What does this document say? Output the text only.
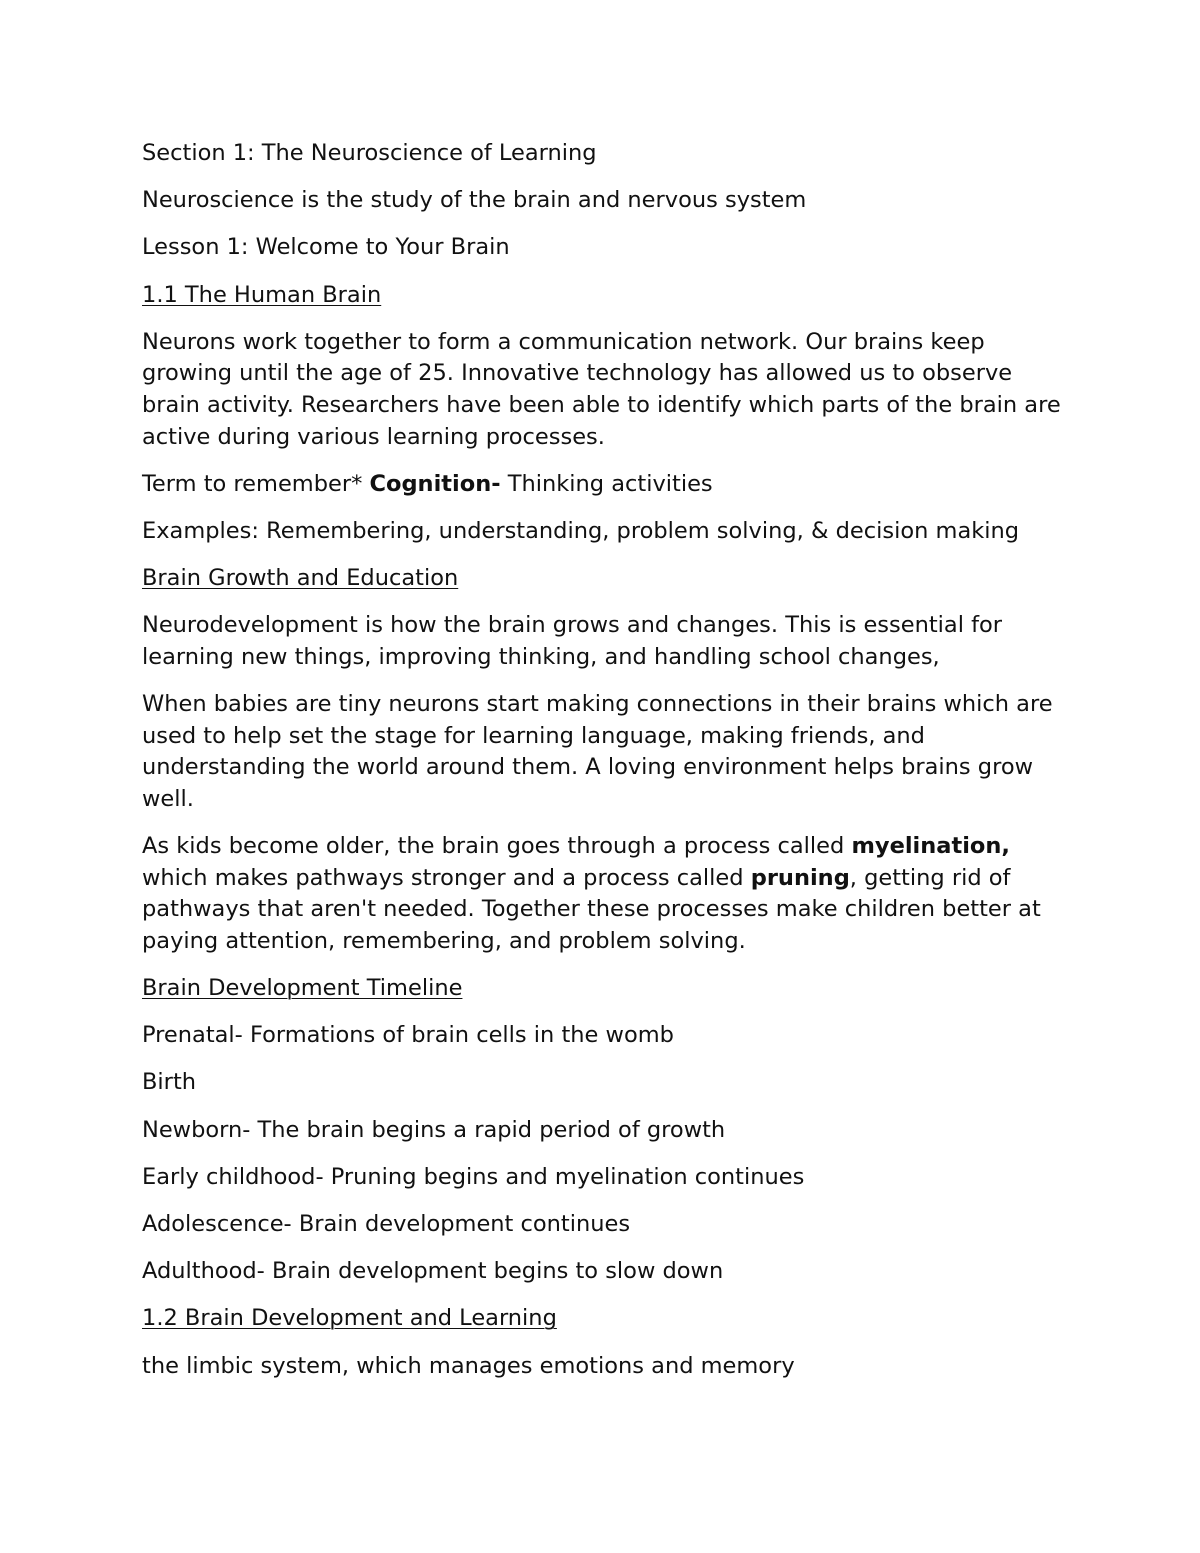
Section 1: The Neuroscience of Learning

Neuroscience is the study of the brain and nervous system

Lesson 1: Welcome to Your Brain

1.1 The Human Brain

Neurons work together to form a communication network. Our brains keep growing until the age of 25. Innovative technology has allowed us to observe brain activity. Researchers have been able to identify which parts of the brain are active during various learning processes.

Term to remember* Cognition- Thinking activities

Examples: Remembering, understanding, problem solving, & decision making

Brain Growth and Education

Neurodevelopment is how the brain grows and changes. This is essential for learning new things, improving thinking, and handling school changes,

When babies are tiny neurons start making connections in their brains which are used to help set the stage for learning language, making friends, and understanding the world around them. A loving environment helps brains grow well.

As kids become older, the brain goes through a process called myelination, which makes pathways stronger and a process called pruning, getting rid of pathways that aren't needed. Together these processes make children better at paying attention, remembering, and problem solving.

Brain Development Timeline

Prenatal- Formations of brain cells in the womb

Birth

Newborn- The brain begins a rapid period of growth

Early childhood- Pruning begins and myelination continues

Adolescence- Brain development continues

Adulthood- Brain development begins to slow down

1.2 Brain Development and Learning

the limbic system, which manages emotions and memory
